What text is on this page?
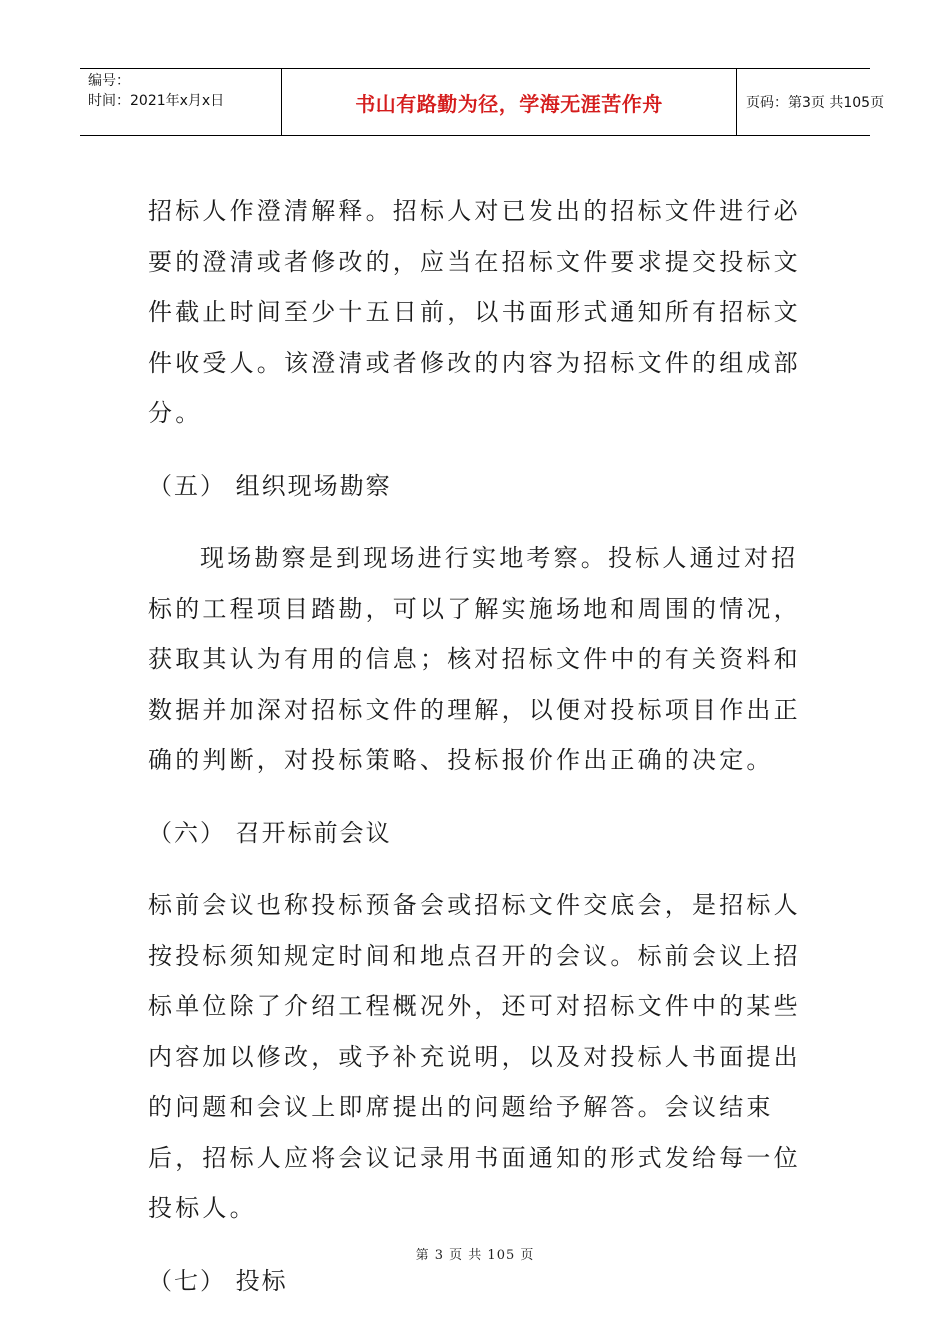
编号：
时间：2021年x月x日	书山有路勤为径，学海无涯苦作舟	页码：第3页 共105页

招标人作澄清解释。招标人对已发出的招标文件进行必要的澄清或者修改的，应当在招标文件要求提交投标文件截止时间至少十五日前，以书面形式通知所有招标文件收受人。该澄清或者修改的内容为招标文件的组成部分。

（五） 组织现场勘察

现场勘察是到现场进行实地考察。投标人通过对招标的工程项目踏勘，可以了解实施场地和周围的情况，获取其认为有用的信息；核对招标文件中的有关资料和数据并加深对招标文件的理解，以便对投标项目作出正确的判断，对投标策略、投标报价作出正确的决定。

（六） 召开标前会议

标前会议也称投标预备会或招标文件交底会，是招标人按投标须知规定时间和地点召开的会议。标前会议上招标单位除了介绍工程概况外，还可对招标文件中的某些内容加以修改，或予补充说明，以及对投标人书面提出的问题和会议上即席提出的问题给予解答。会议结束后，招标人应将会议记录用书面通知的形式发给每一位投标人。

（七） 投标

第 3 页 共 105 页
